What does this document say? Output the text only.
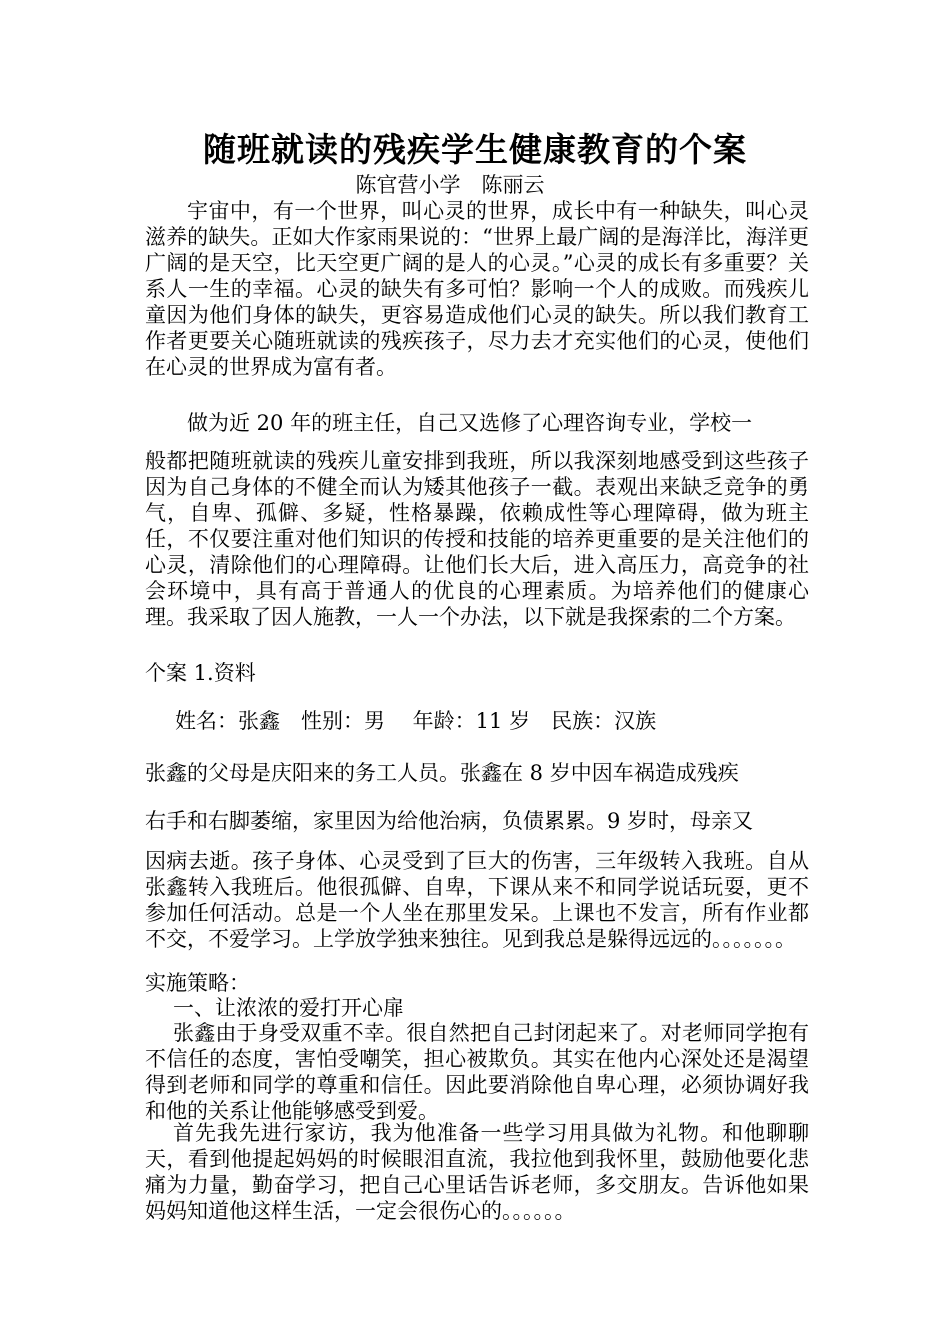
随班就读的残疾学生健康教育的个案
陈官营小学　陈丽云
宇宙中，有一个世界，叫心灵的世界，成长中有一种缺失，叫心灵滋养的缺失。正如大作家雨果说的：“世界上最广阔的是海洋比，海洋更广阔的是天空，比天空更广阔的是人的心灵。”心灵的成长有多重要？关系人一生的幸福。心灵的缺失有多可怕？影响一个人的成败。而残疾儿童因为他们身体的缺失，更容易造成他们心灵的缺失。所以我们教育工作者更要关心随班就读的残疾孩子，尽力去才充实他们的心灵，使他们在心灵的世界成为富有者。
做为近 20 年的班主任，自己又选修了心理咨询专业，学校一
般都把随班就读的残疾儿童安排到我班，所以我深刻地感受到这些孩子因为自己身体的不健全而认为矮其他孩子一截。表观出来缺乏竞争的勇气，自卑、孤僻、多疑，性格暴躁，依赖成性等心理障碍，做为班主任，不仅要注重对他们知识的传授和技能的培养更重要的是关注他们的心灵，清除他们的心理障碍。让他们长大后，进入高压力，高竞争的社会环境中，具有高于普通人的优良的心理素质。为培养他们的健康心理。我采取了因人施教，一人一个办法，以下就是我探索的二个方案。
个案 1.资料
姓名：张鑫　性别：男　 年龄：11 岁　民族：汉族
张鑫的父母是庆阳来的务工人员。张鑫在 8 岁中因车祸造成残疾
右手和右脚萎缩，家里因为给他治病，负债累累。9 岁时，母亲又
因病去逝。孩子身体、心灵受到了巨大的伤害，三年级转入我班。自从张鑫转入我班后。他很孤僻、自卑，下课从来不和同学说话玩耍，更不参加任何活动。总是一个人坐在那里发呆。上课也不发言，所有作业都不交，不爱学习。上学放学独来独往。见到我总是躲得远远的。。。。。。。
实施策略：
一、让浓浓的爱打开心扉
张鑫由于身受双重不幸。很自然把自己封闭起来了。对老师同学抱有不信任的态度，害怕受嘲笑，担心被欺负。其实在他内心深处还是渴望得到老师和同学的尊重和信任。因此要消除他自卑心理，必须协调好我和他的关系让他能够感受到爱。
首先我先进行家访，我为他准备一些学习用具做为礼物。和他聊聊天，看到他提起妈妈的时候眼泪直流，我拉他到我怀里，鼓励他要化悲痛为力量，勤奋学习，把自己心里话告诉老师，多交朋友。告诉他如果妈妈知道他这样生活，一定会很伤心的。。。。。。
